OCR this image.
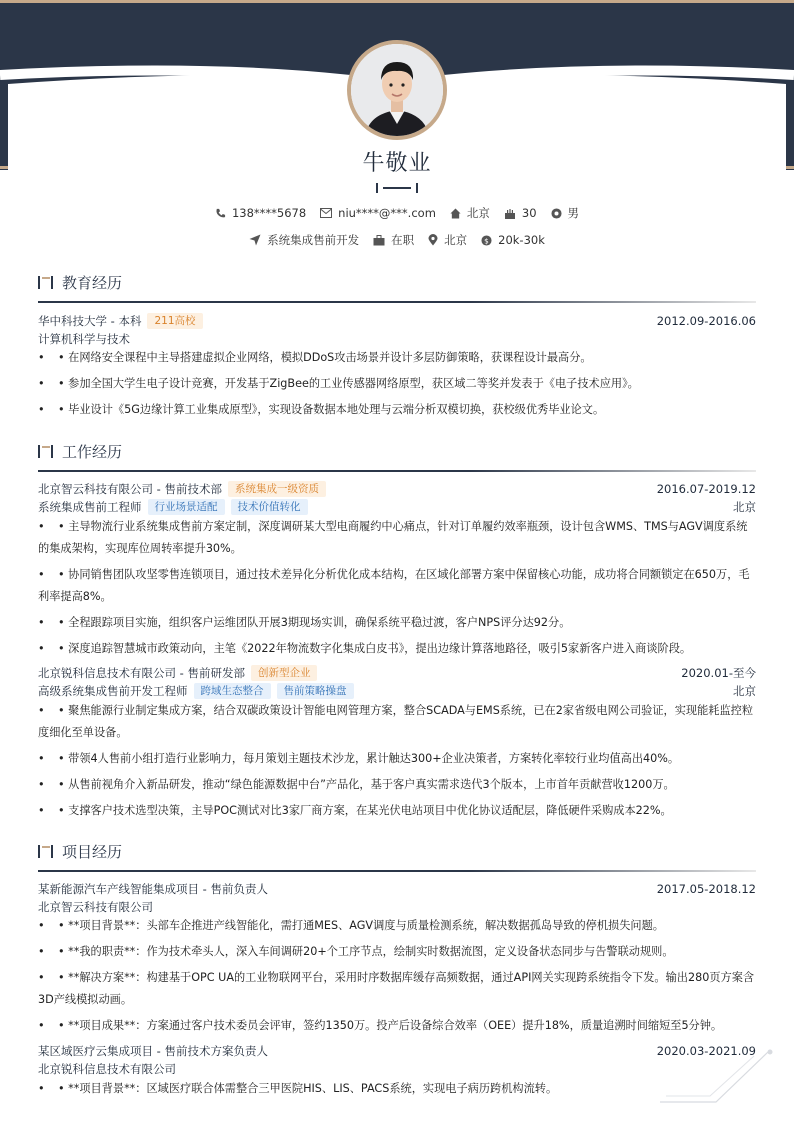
牛敬业
138****5678	niu****@***.com	北京	30	男
系统集成售前开发	在职	北京 $ 20k-30k
教育经历
华中科技大学 - 本科	211高校	2012.09-2016.06
计算机科学与技术
• • 在网络安全课程中主导搭建虚拟企业网络，模拟DDoS攻击场景并设计多层防御策略，获课程设计最高分。
• • 参加全国大学生电子设计竞赛，开发基于ZigBee的工业传感器网络原型，获区域二等奖并发表于《电子技术应用》。
• • 毕业设计《5G边缘计算工业集成原型》，实现设备数据本地处理与云端分析双模切换，获校级优秀毕业论文。
工作经历
北京智云科技有限公司 - 售前技术部	系统集成一级资质	2016.07-2019.12
系统集成售前工程师	行业场景适配	技术价值转化	北京
• • 主导物流行业系统集成售前方案定制，深度调研某大型电商履约中心痛点，针对订单履约效率瓶颈，设计包含WMS、TMS与AGV调度系统的集成架构，实现库位周转率提升30%。
• • 协同销售团队攻坚零售连锁项目，通过技术差异化分析优化成本结构，在区域化部署方案中保留核心功能，成功将合同额锁定在650万，毛利率提高8%。
• • 全程跟踪项目实施，组织客户运维团队开展3期现场实训，确保系统平稳过渡，客户NPS评分达92分。
• • 深度追踪智慧城市政策动向，主笔《2022年物流数字化集成白皮书》，提出边缘计算落地路径，吸引5家新客户进入商谈阶段。
北京锐科信息技术有限公司 - 售前研发部	创新型企业	2020.01-至今
高级系统集成售前开发工程师	跨域生态整合	售前策略操盘	北京
• • 聚焦能源行业制定集成方案，结合双碳政策设计智能电网管理方案，整合SCADA与EMS系统，已在2家省级电网公司验证，实现能耗监控粒度细化至单设备。
• • 带领4人售前小组打造行业影响力，每月策划主题技术沙龙，累计触达300+企业决策者，方案转化率较行业均值高出40%。
• • 从售前视角介入新品研发，推动“绿色能源数据中台”产品化，基于客户真实需求迭代3个版本，上市首年贡献营收1200万。
• • 支撑客户技术选型决策，主导POC测试对比3家厂商方案，在某光伏电站项目中优化协议适配层，降低硬件采购成本22%。
项目经历
某新能源汽车产线智能集成项目 - 售前负责人	2017.05-2018.12
北京智云科技有限公司
• • **项目背景**：头部车企推进产线智能化，需打通MES、AGV调度与质量检测系统，解决数据孤岛导致的停机损失问题。
• • **我的职责**：作为技术牵头人，深入车间调研20+个工序节点，绘制实时数据流图，定义设备状态同步与告警联动规则。
• • **解决方案**：构建基于OPC UA的工业物联网平台，采用时序数据库缓存高频数据，通过API网关实现跨系统指令下发。输出280页方案含3D产线模拟动画。
• • **项目成果**：方案通过客户技术委员会评审，签约1350万。投产后设备综合效率（OEE）提升18%，质量追溯时间缩短至5分钟。
某区域医疗云集成项目 - 售前技术方案负责人	2020.03-2021.09
北京锐科信息技术有限公司
• • **项目背景**：区域医疗联合体需整合三甲医院HIS、LIS、PACS系统，实现电子病历跨机构流转。
